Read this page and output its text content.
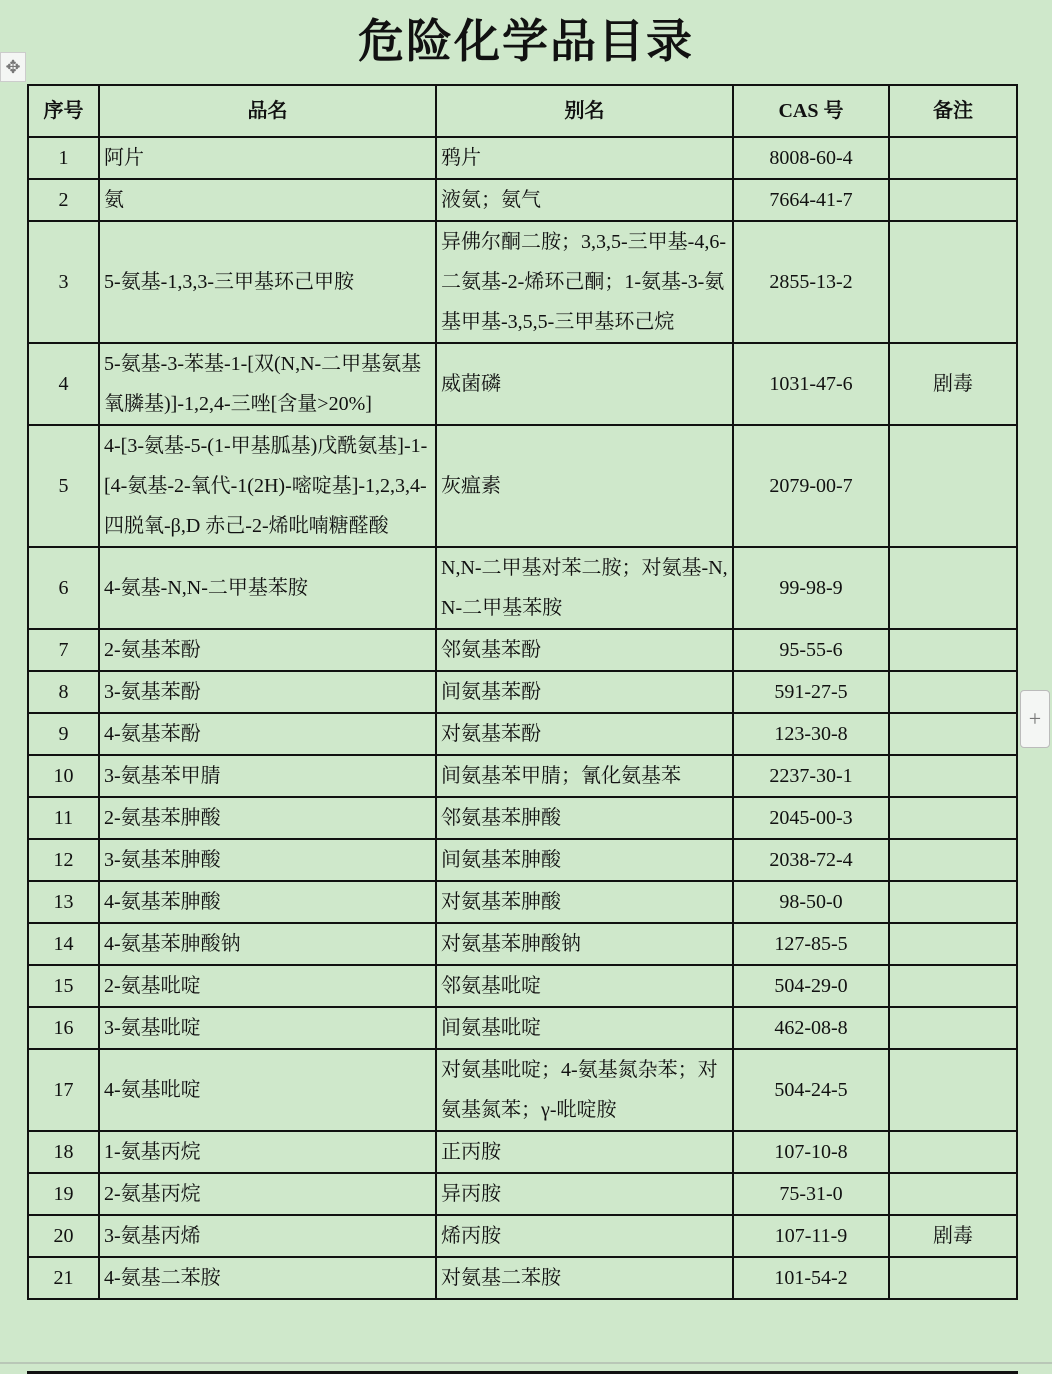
危险化学品目录
✥
+
序号	品名	别名	CAS 号	备注
1	阿片	鸦片	8008-60-4	
2	氨	液氨；氨气	7664-41-7	
3	5-氨基-1,3,3-三甲基环己甲胺	异佛尔酮二胺；3,3,5-三甲基-4,6-二氨基-2-烯环己酮；1-氨基-3-氨基甲基-3,5,5-三甲基环己烷	2855-13-2	
4	5-氨基-3-苯基-1-[双(N,N-二甲基氨基氧膦基)]-1,2,4-三唑[含量>20%]	威菌磷	1031-47-6	剧毒
5	4-[3-氨基-5-(1-甲基胍基)戊酰氨基]-1-[4-氨基-2-氧代-1(2H)-嘧啶基]-1,2,3,4-四脱氧-β,D 赤己-2-烯吡喃糖醛酸	灰瘟素	2079-00-7	
6	4-氨基-N,N-二甲基苯胺	N,N-二甲基对苯二胺；对氨基-N,N-二甲基苯胺	99-98-9	
7	2-氨基苯酚	邻氨基苯酚	95-55-6	
8	3-氨基苯酚	间氨基苯酚	591-27-5	
9	4-氨基苯酚	对氨基苯酚	123-30-8	
10	3-氨基苯甲腈	间氨基苯甲腈；氰化氨基苯	2237-30-1	
11	2-氨基苯胂酸	邻氨基苯胂酸	2045-00-3	
12	3-氨基苯胂酸	间氨基苯胂酸	2038-72-4	
13	4-氨基苯胂酸	对氨基苯胂酸	98-50-0	
14	4-氨基苯胂酸钠	对氨基苯胂酸钠	127-85-5	
15	2-氨基吡啶	邻氨基吡啶	504-29-0	
16	3-氨基吡啶	间氨基吡啶	462-08-8	
17	4-氨基吡啶	对氨基吡啶；4-氨基氮杂苯；对氨基氮苯；γ-吡啶胺	504-24-5	
18	1-氨基丙烷	正丙胺	107-10-8	
19	2-氨基丙烷	异丙胺	75-31-0	
20	3-氨基丙烯	烯丙胺	107-11-9	剧毒
21	4-氨基二苯胺	对氨基二苯胺	101-54-2	
